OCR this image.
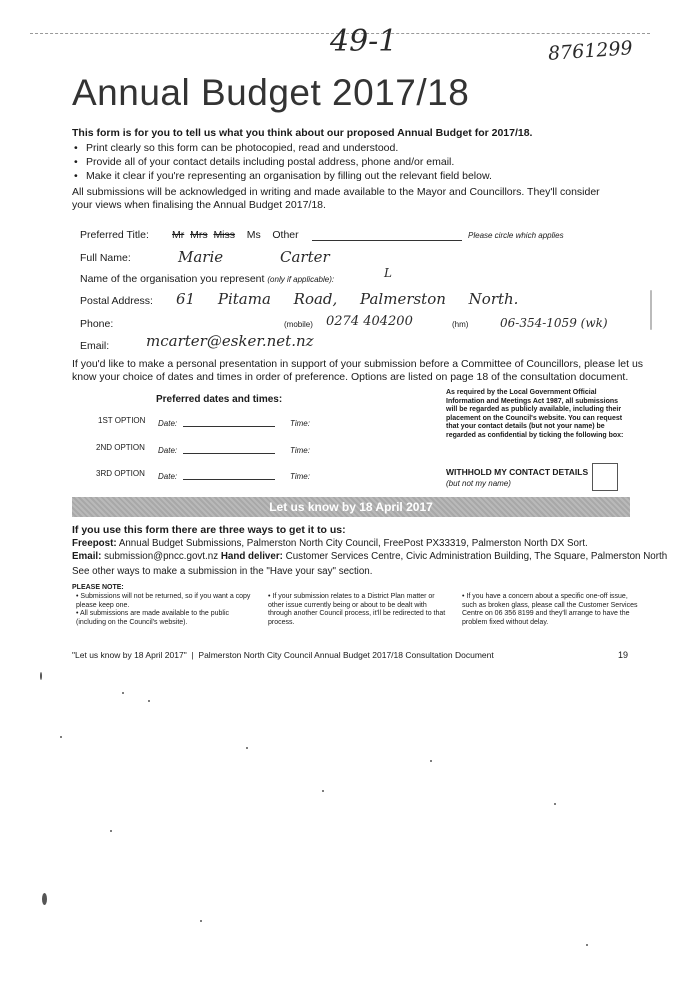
49-1	8761299
Annual Budget 2017/18
This form is for you to tell us what you think about our proposed Annual Budget for 2017/18.
• Print clearly so this form can be photocopied, read and understood.
• Provide all of your contact details including postal address, phone and/or email.
• Make it clear if you're representing an organisation by filling out the relevant field below.
All submissions will be acknowledged in writing and made available to the Mayor and Councillors. They'll consider
your views when finalising the Annual Budget 2017/18.
Preferred Title: Mr Mrs Miss Ms Other	Please circle which applies
Full Name:	Marie	Carter
Name of the organisation you represent (only if applicable):	L
Postal Address: 61 Pitama Road, Palmerston North.
Phone:	(mobile) 0274 404200	(hm)	06-354-1059 (wk)
Email: mcarter@esker.net.nz
If you'd like to make a personal presentation in support of your submission before a Committee of Councillors, please let us
know your choice of dates and times in order of preference. Options are listed on page 18 of the consultation document.
Preferred dates and times:
1ST OPTION Date:	Time:
2ND OPTION Date:	Time:
3RD OPTION Date:	Time:
As required by the Local Government Official
Information and Meetings Act 1987, all submissions
will be regarded as publicly available, including their
placement on the Council's website. You can request
that your contact details (but not your name) be
regarded as confidential by ticking the following box:
WITHHOLD MY CONTACT DETAILS
(but not my name)
Let us know by 18 April 2017
If you use this form there are three ways to get it to us:
Freepost: Annual Budget Submissions, Palmerston North City Council, FreePost PX33319, Palmerston North DX Sort.
Email: submission@pncc.govt.nz Hand deliver: Customer Services Centre, Civic Administration Building, The Square, Palmerston North
See other ways to make a submission in the "Have your say" section.
PLEASE NOTE:
• Submissions will not be returned, so if you want a copy please keep one.
• All submissions are made available to the public (including on the Council's website).
• If your submission relates to a District Plan matter or other issue currently being or about to be dealt with through another Council process, it'll be redirected to that process.
• If you have a concern about a specific one-off issue, such as broken glass, please call the Customer Services Centre on 06 356 8199 and they'll arrange to have the problem fixed without delay.
"Let us know by 18 April 2017" | Palmerston North City Council Annual Budget 2017/18 Consultation Document	19
